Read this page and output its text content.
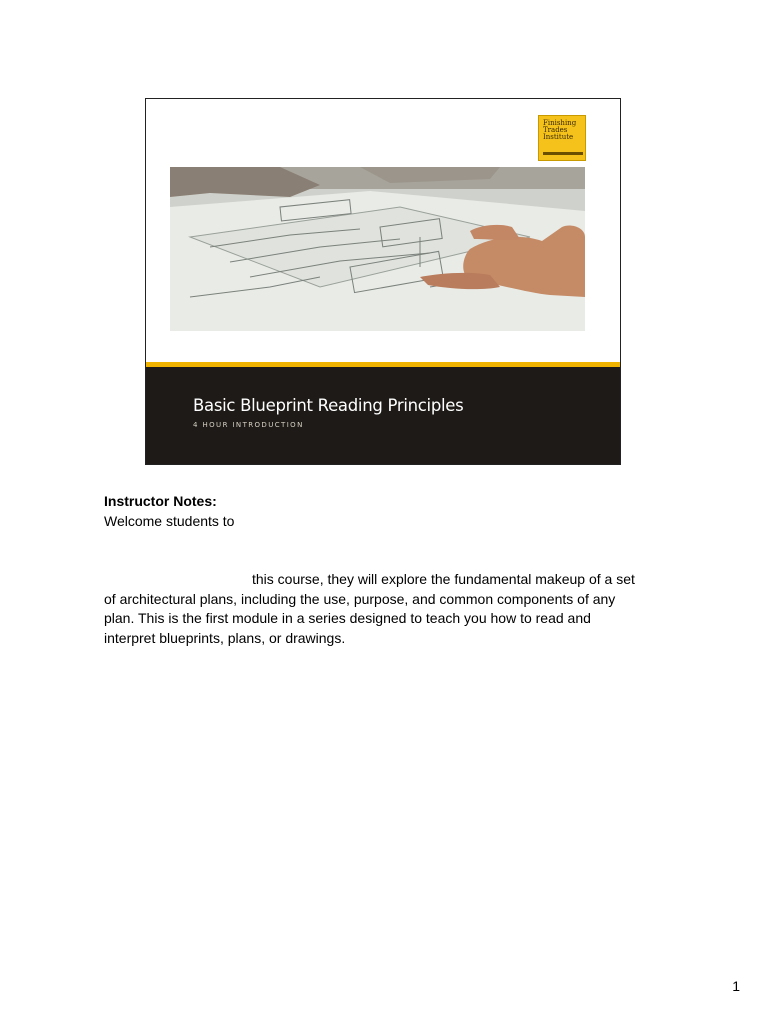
Finishing Trades Institute
Basic Blueprint Reading Principles
4 HOUR INTRODUCTION
Instructor Notes:
Welcome students to
this course, they will explore the fundamental makeup of a set
of architectural plans, including the use, purpose, and common components of any
plan. This is the first module in a series designed to teach you how to read and
interpret blueprints, plans, or drawings.
1
